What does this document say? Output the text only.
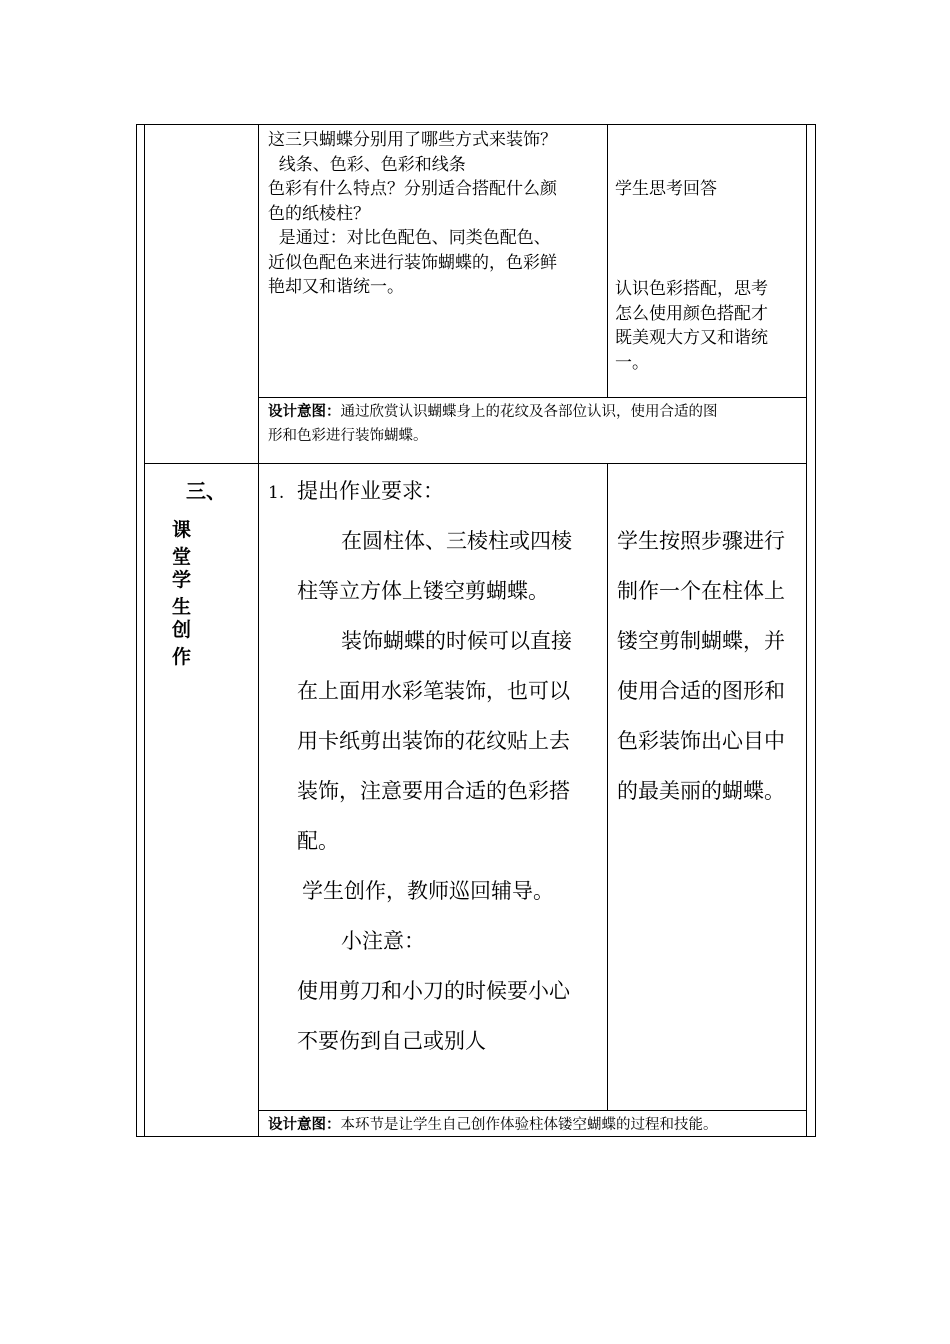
这三只蝴蝶分别用了哪些方式来装饰？

线条、色彩、色彩和线条

色彩有什么特点？分别适合搭配什么颜

色的纸棱柱？

是通过：对比色配色、同类色配色、

近似色配色来进行装饰蝴蝶的，色彩鲜

艳却又和谐统一。

学生思考回答

认识色彩搭配，思考

怎么使用颜色搭配才

既美观大方又和谐统

一。

设计意图：通过欣赏认识蝴蝶身上的花纹及各部位认识，使用合适的图

形和色彩进行装饰蝴蝶。

三、
课 堂
学 生
创 作
1. 提出作业要求：
在圆柱体、三棱柱或四棱
柱等立方体上镂空剪蝴蝶。
装饰蝴蝶的时候可以直接
在上面用水彩笔装饰，也可以
用卡纸剪出装饰的花纹贴上去
装饰，注意要用合适的色彩搭
配。
学生创作，教师巡回辅导。
小注意：
使用剪刀和小刀的时候要小心
不要伤到自己或别人
学生按照步骤进行
制作一个在柱体上
镂空剪制蝴蝶，并
使用合适的图形和
色彩装饰出心目中
的最美丽的蝴蝶。
设计意图：本环节是让学生自己创作体验柱体镂空蝴蝶的过程和技能。
